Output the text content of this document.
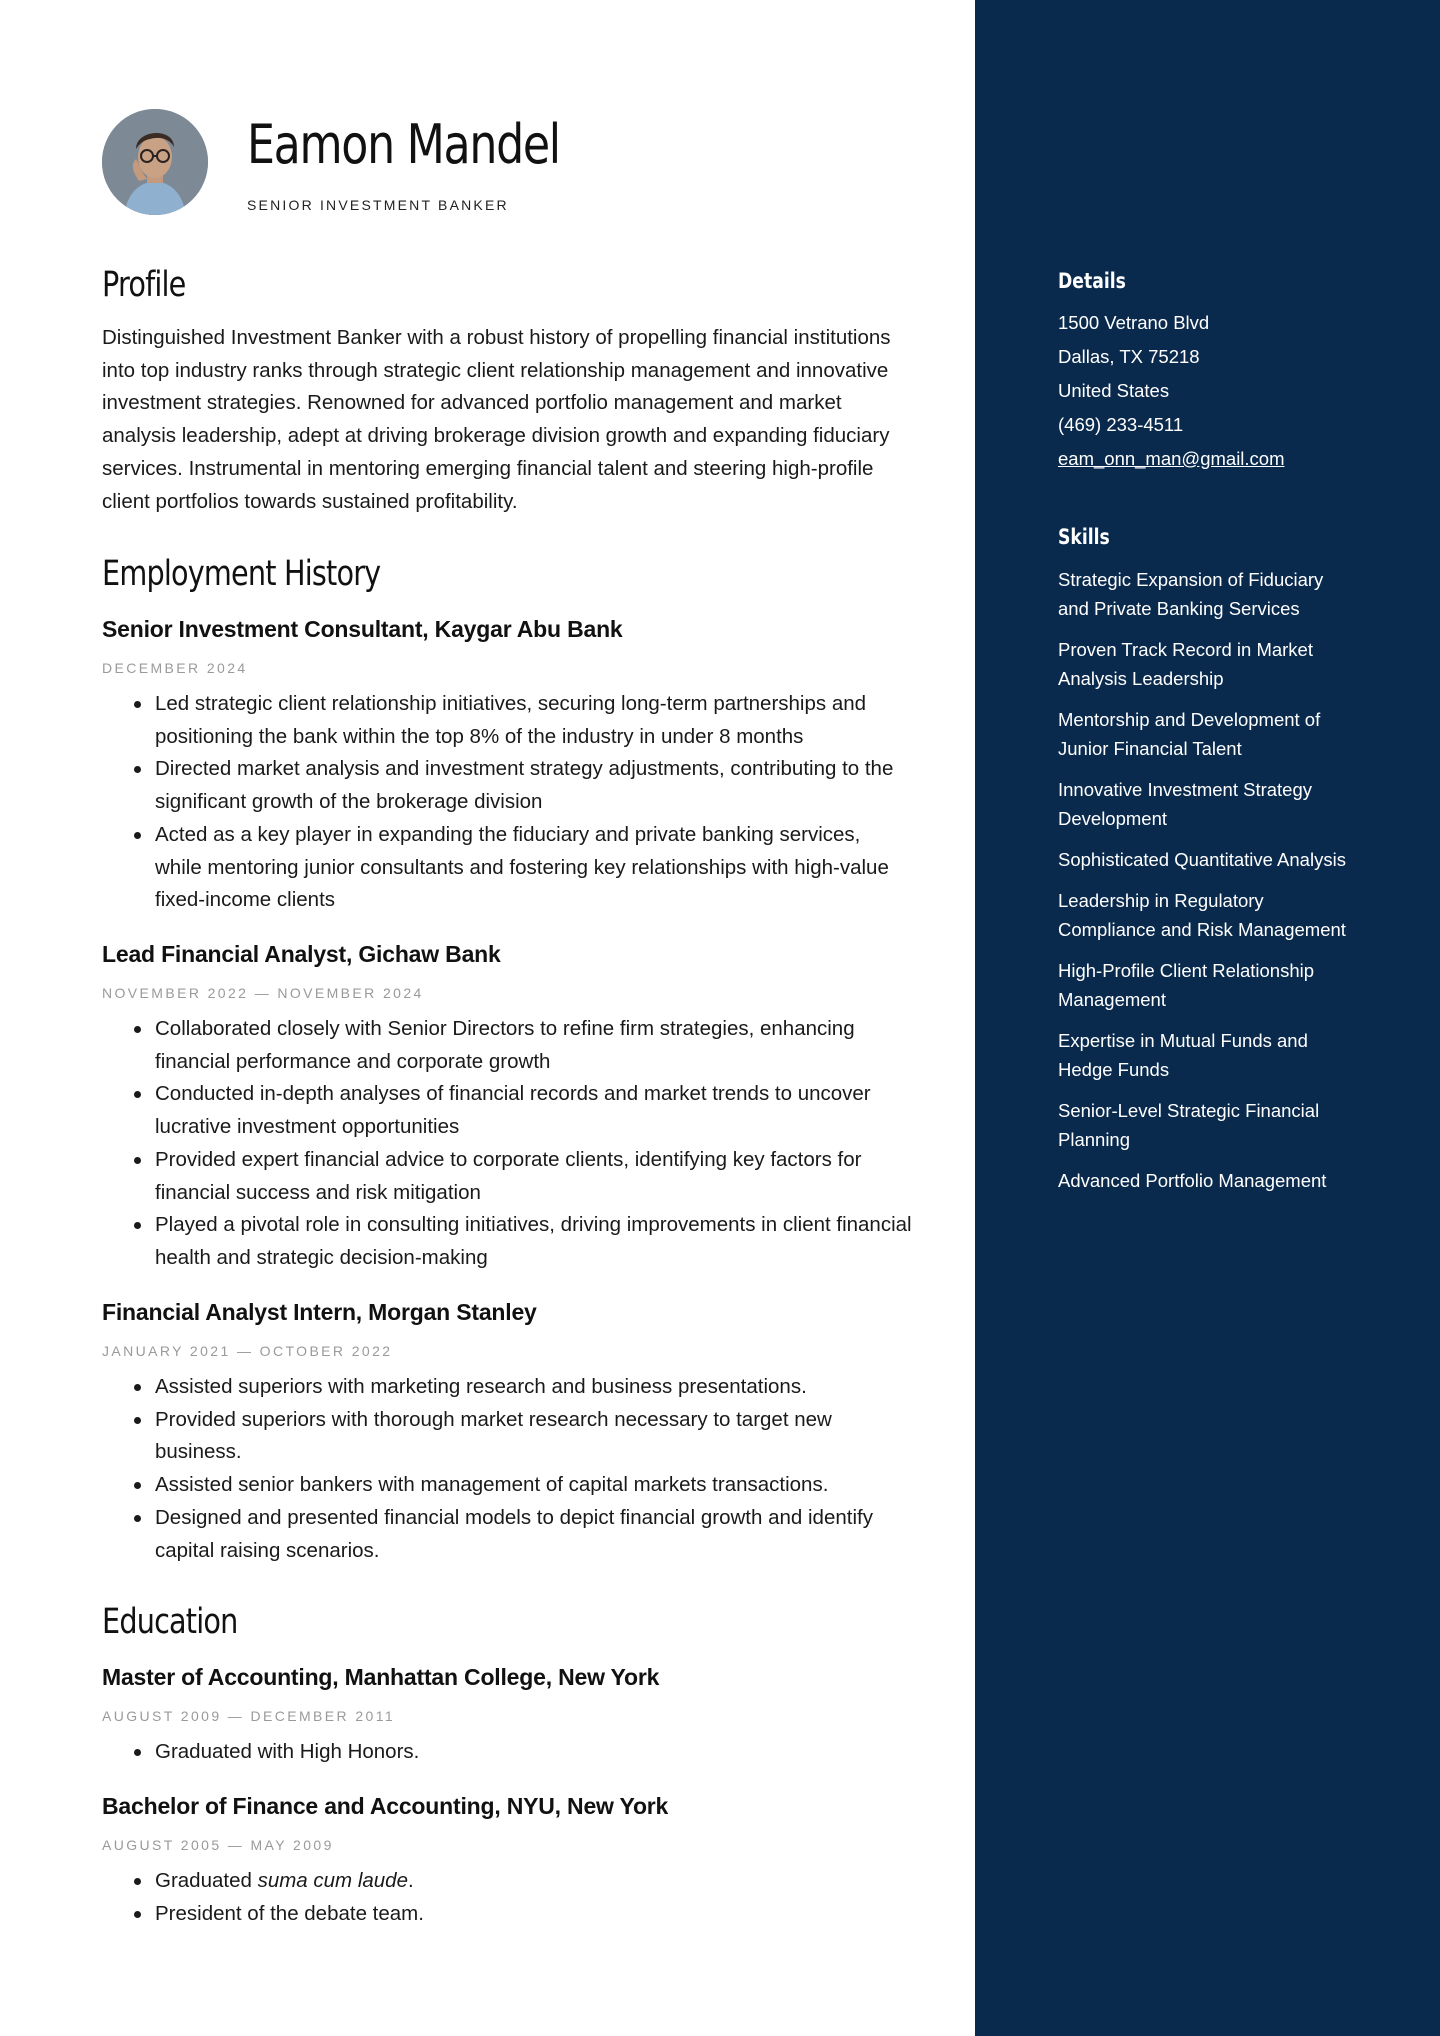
Eamon Mandel
SENIOR INVESTMENT BANKER
Profile
Distinguished Investment Banker with a robust history of propelling financial institutions into top industry ranks through strategic client relationship management and innovative investment strategies. Renowned for advanced portfolio management and market analysis leadership, adept at driving brokerage division growth and expanding fiduciary services. Instrumental in mentoring emerging financial talent and steering high-profile client portfolios towards sustained profitability.
Employment History
Senior Investment Consultant, Kaygar Abu Bank
DECEMBER 2024
Led strategic client relationship initiatives, securing long-term partnerships and positioning the bank within the top 8% of the industry in under 8 months
Directed market analysis and investment strategy adjustments, contributing to the significant growth of the brokerage division
Acted as a key player in expanding the fiduciary and private banking services, while mentoring junior consultants and fostering key relationships with high-value fixed-income clients
Lead Financial Analyst, Gichaw Bank
NOVEMBER 2022 — NOVEMBER 2024
Collaborated closely with Senior Directors to refine firm strategies, enhancing financial performance and corporate growth
Conducted in-depth analyses of financial records and market trends to uncover lucrative investment opportunities
Provided expert financial advice to corporate clients, identifying key factors for financial success and risk mitigation
Played a pivotal role in consulting initiatives, driving improvements in client financial health and strategic decision-making
Financial Analyst Intern, Morgan Stanley
JANUARY 2021 — OCTOBER 2022
Assisted superiors with marketing research and business presentations.
Provided superiors with thorough market research necessary to target new business.
Assisted senior bankers with management of capital markets transactions.
Designed and presented financial models to depict financial growth and identify capital raising scenarios.
Education
Master of Accounting, Manhattan College, New York
AUGUST 2009 — DECEMBER 2011
Graduated with High Honors.
Bachelor of Finance and Accounting, NYU, New York
AUGUST 2005 — MAY 2009
Graduated suma cum laude.
President of the debate team.
Details
1500 Vetrano Blvd
Dallas, TX 75218
United States
(469) 233-4511
eam_onn_man@gmail.com
Skills
Strategic Expansion of Fiduciary and Private Banking Services
Proven Track Record in Market Analysis Leadership
Mentorship and Development of Junior Financial Talent
Innovative Investment Strategy Development
Sophisticated Quantitative Analysis
Leadership in Regulatory Compliance and Risk Management
High-Profile Client Relationship Management
Expertise in Mutual Funds and Hedge Funds
Senior-Level Strategic Financial Planning
Advanced Portfolio Management
